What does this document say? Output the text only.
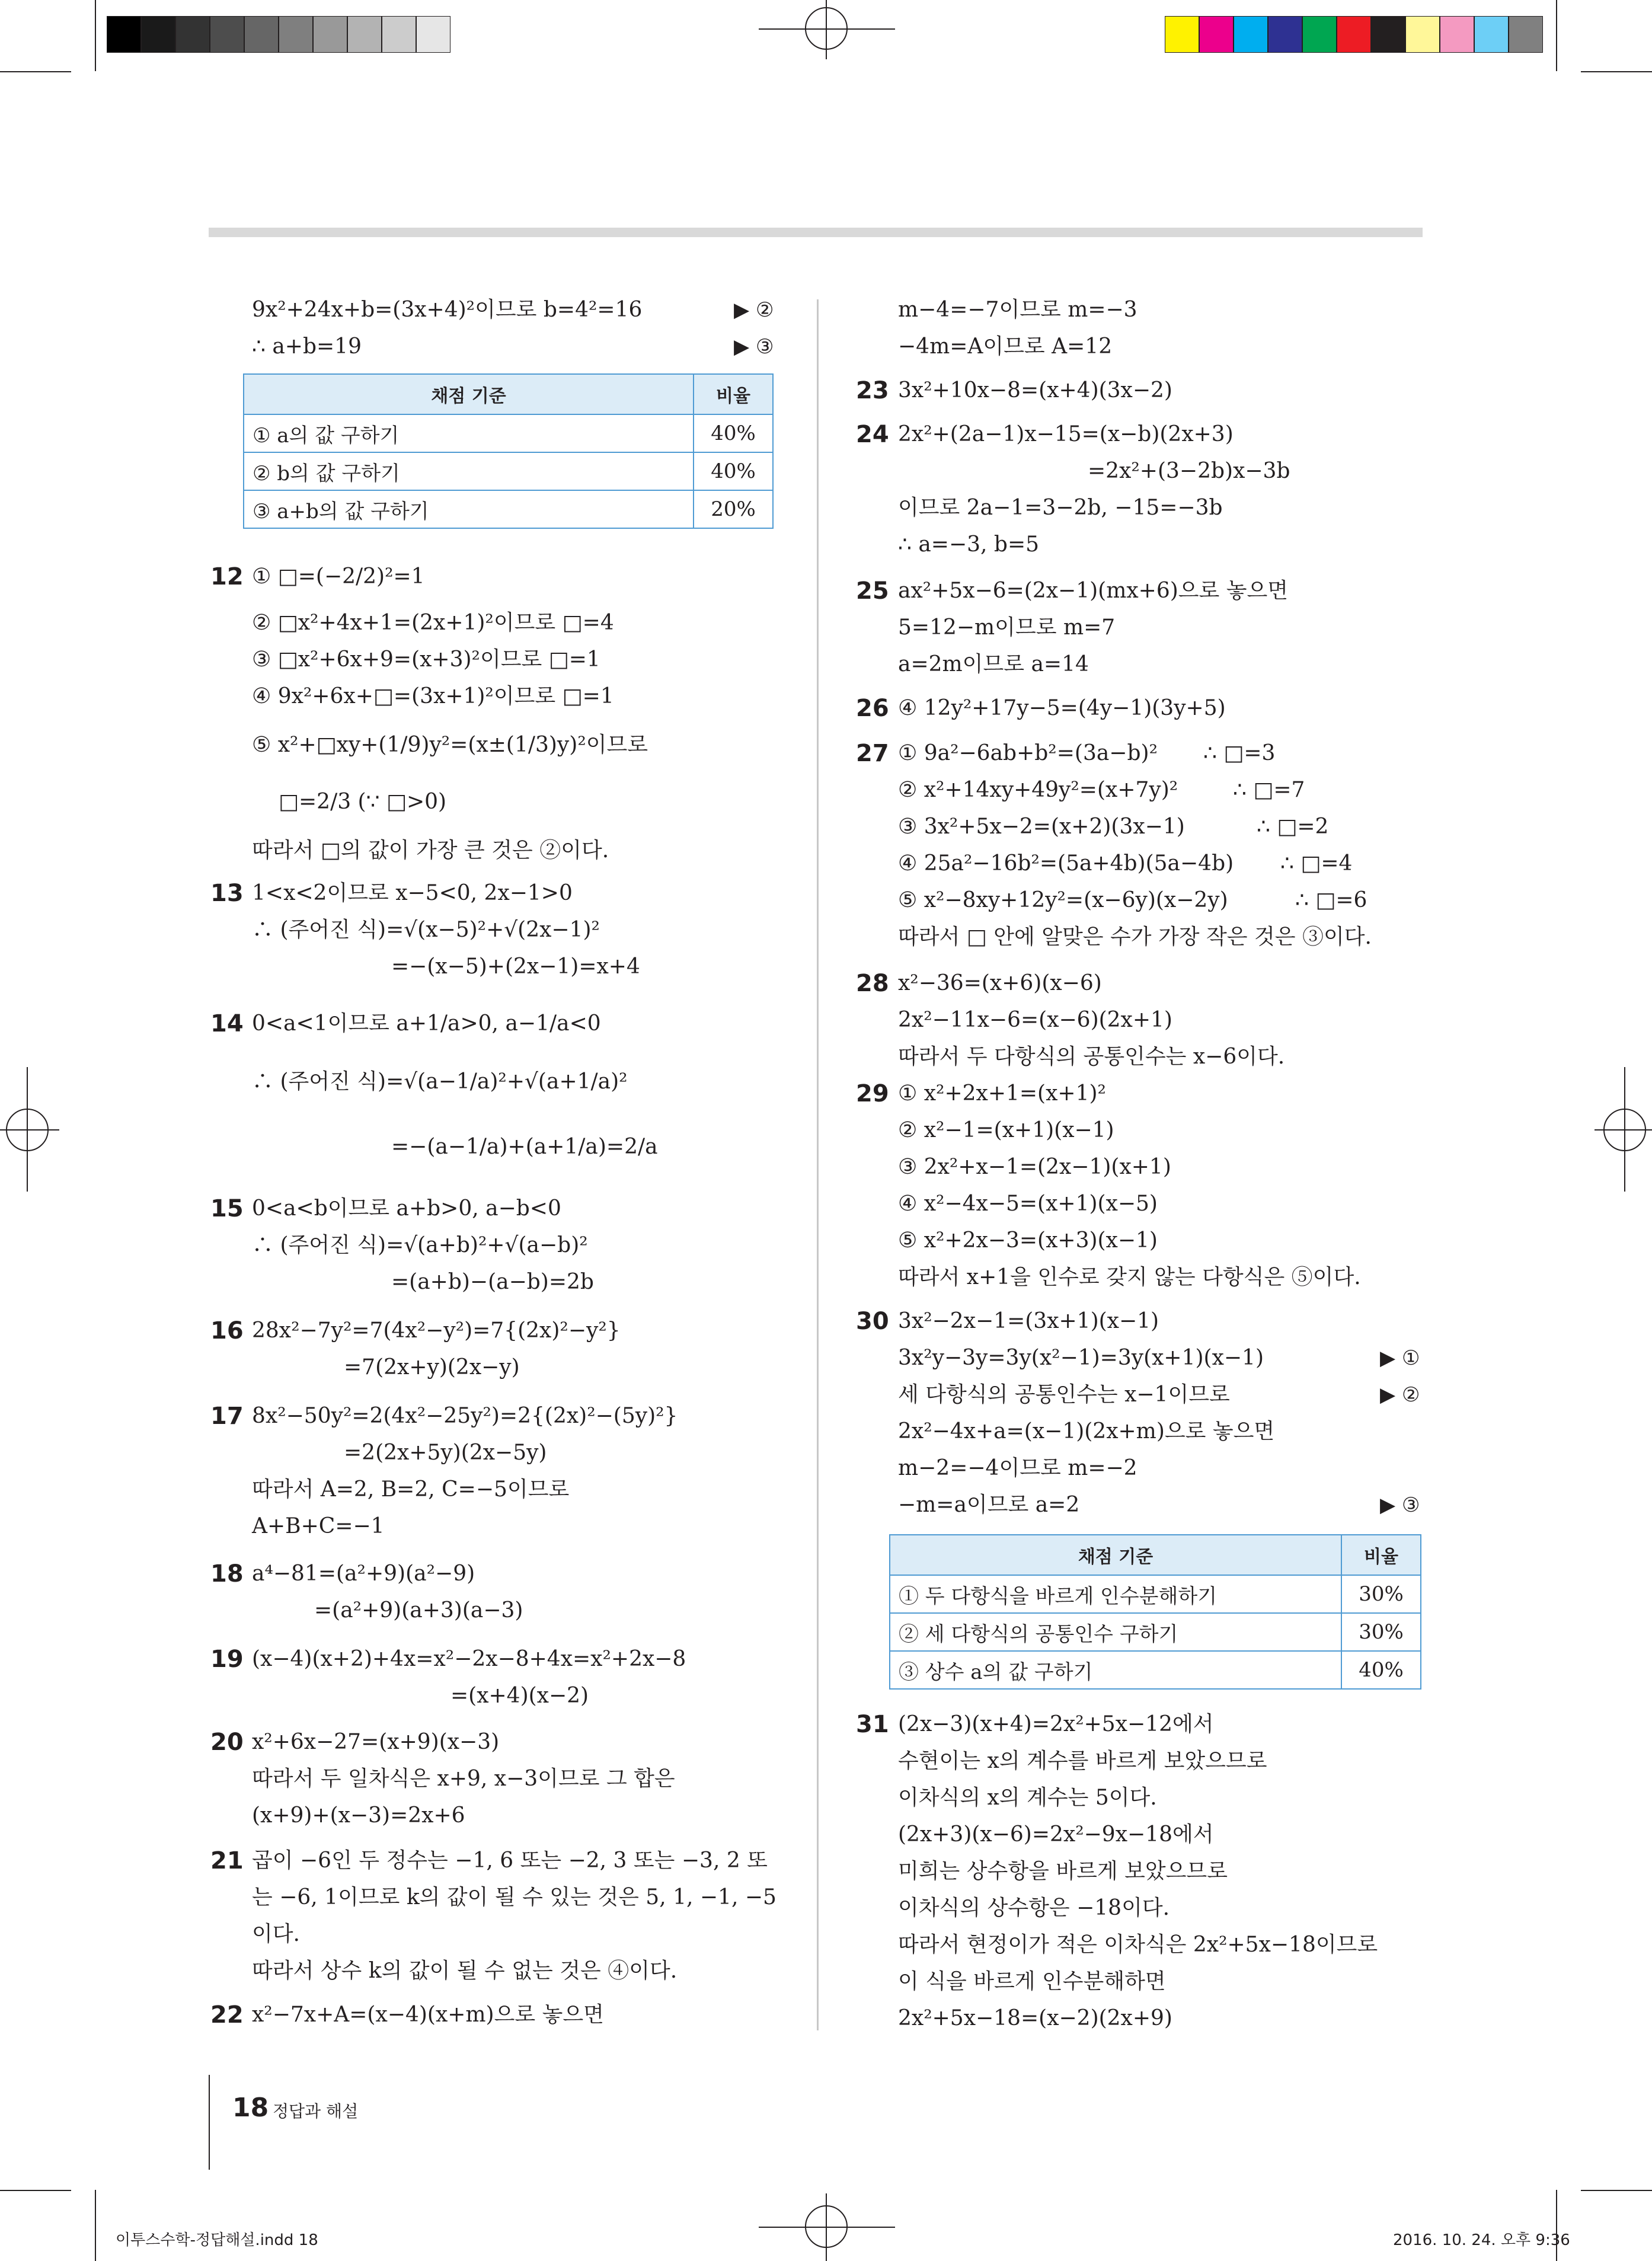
9x²+24x+b=(3x+4)²이므로 b=4²=16	▶ ②
∴ a+b=19	▶ ③
채점 기준	비율
① a의 값 구하기	40%
② b의 값 구하기	40%
③ a+b의 값 구하기	20%
12 ① □=(−2/2)²=1
② □x²+4x+1=(2x+1)²이므로 □=4
③ □x²+6x+9=(x+3)²이므로 □=1
④ 9x²+6x+□=(3x+1)²이므로 □=1
⑤ x²+□xy+(1/9)y²=(x±(1/3)y)²이므로
□=2/3 (∵ □>0)
따라서 □의 값이 가장 큰 것은 ②이다.
13 1<x<2이므로 x−5<0, 2x−1>0
∴ (주어진 식)=√(x−5)²+√(2x−1)²
=−(x−5)+(2x−1)=x+4
14 0<a<1이므로 a+1/a>0, a−1/a<0
∴ (주어진 식)=√(a−1/a)²+√(a+1/a)²
=−(a−1/a)+(a+1/a)=2/a
15 0<a<b이므로 a+b>0, a−b<0
∴ (주어진 식)=√(a+b)²+√(a−b)²
=(a+b)−(a−b)=2b
16 28x²−7y²=7(4x²−y²)=7{(2x)²−y²}
=7(2x+y)(2x−y)
17 8x²−50y²=2(4x²−25y²)=2{(2x)²−(5y)²}
=2(2x+5y)(2x−5y)
따라서 A=2, B=2, C=−5이므로
A+B+C=−1
18 a⁴−81=(a²+9)(a²−9)
=(a²+9)(a+3)(a−3)
19 (x−4)(x+2)+4x=x²−2x−8+4x=x²+2x−8
=(x+4)(x−2)
20 x²+6x−27=(x+9)(x−3)
따라서 두 일차식은 x+9, x−3이므로 그 합은
(x+9)+(x−3)=2x+6
21 곱이 −6인 두 정수는 −1, 6 또는 −2, 3 또는 −3, 2 또
는 −6, 1이므로 k의 값이 될 수 있는 것은 5, 1, −1, −5
이다.
따라서 상수 k의 값이 될 수 없는 것은 ④이다.
22 x²−7x+A=(x−4)(x+m)으로 놓으면
m−4=−7이므로 m=−3
−4m=A이므로 A=12
23 3x²+10x−8=(x+4)(3x−2)
24 2x²+(2a−1)x−15=(x−b)(2x+3)
=2x²+(3−2b)x−3b
이므로 2a−1=3−2b, −15=−3b
∴ a=−3, b=5
25 ax²+5x−6=(2x−1)(mx+6)으로 놓으면
5=12−m이므로 m=7
a=2m이므로 a=14
26 ④ 12y²+17y−5=(4y−1)(3y+5)
27 ① 9a²−6ab+b²=(3a−b)² ∴ □=3
② x²+14xy+49y²=(x+7y)²	∴ □=7
③ 3x²+5x−2=(x+2)(3x−1)	∴ □=2
④ 25a²−16b²=(5a+4b)(5a−4b) ∴ □=4
⑤ x²−8xy+12y²=(x−6y)(x−2y)	∴ □=6
따라서 □ 안에 알맞은 수가 가장 작은 것은 ③이다.
28 x²−36=(x+6)(x−6)
2x²−11x−6=(x−6)(2x+1)
따라서 두 다항식의 공통인수는 x−6이다.
29 ① x²+2x+1=(x+1)²
② x²−1=(x+1)(x−1)
③ 2x²+x−1=(2x−1)(x+1)
④ x²−4x−5=(x+1)(x−5)
⑤ x²+2x−3=(x+3)(x−1)
따라서 x+1을 인수로 갖지 않는 다항식은 ⑤이다.
30 3x²−2x−1=(3x+1)(x−1)
3x²y−3y=3y(x²−1)=3y(x+1)(x−1)	▶ ①
세 다항식의 공통인수는 x−1이므로	▶ ②
2x²−4x+a=(x−1)(2x+m)으로 놓으면
m−2=−4이므로 m=−2
−m=a이므로 a=2	▶ ③
채점 기준	비율
① 두 다항식을 바르게 인수분해하기	30%
② 세 다항식의 공통인수 구하기	30%
③ 상수 a의 값 구하기	40%
31 (2x−3)(x+4)=2x²+5x−12에서
수현이는 x의 계수를 바르게 보았으므로
이차식의 x의 계수는 5이다.
(2x+3)(x−6)=2x²−9x−18에서
미희는 상수항을 바르게 보았으므로
이차식의 상수항은 −18이다.
따라서 현정이가 적은 이차식은 2x²+5x−18이므로
이 식을 바르게 인수분해하면
2x²+5x−18=(x−2)(2x+9)
18 정답과 해설
이투스수학-정답해설.indd 18	2016. 10. 24. 오후 9:36
